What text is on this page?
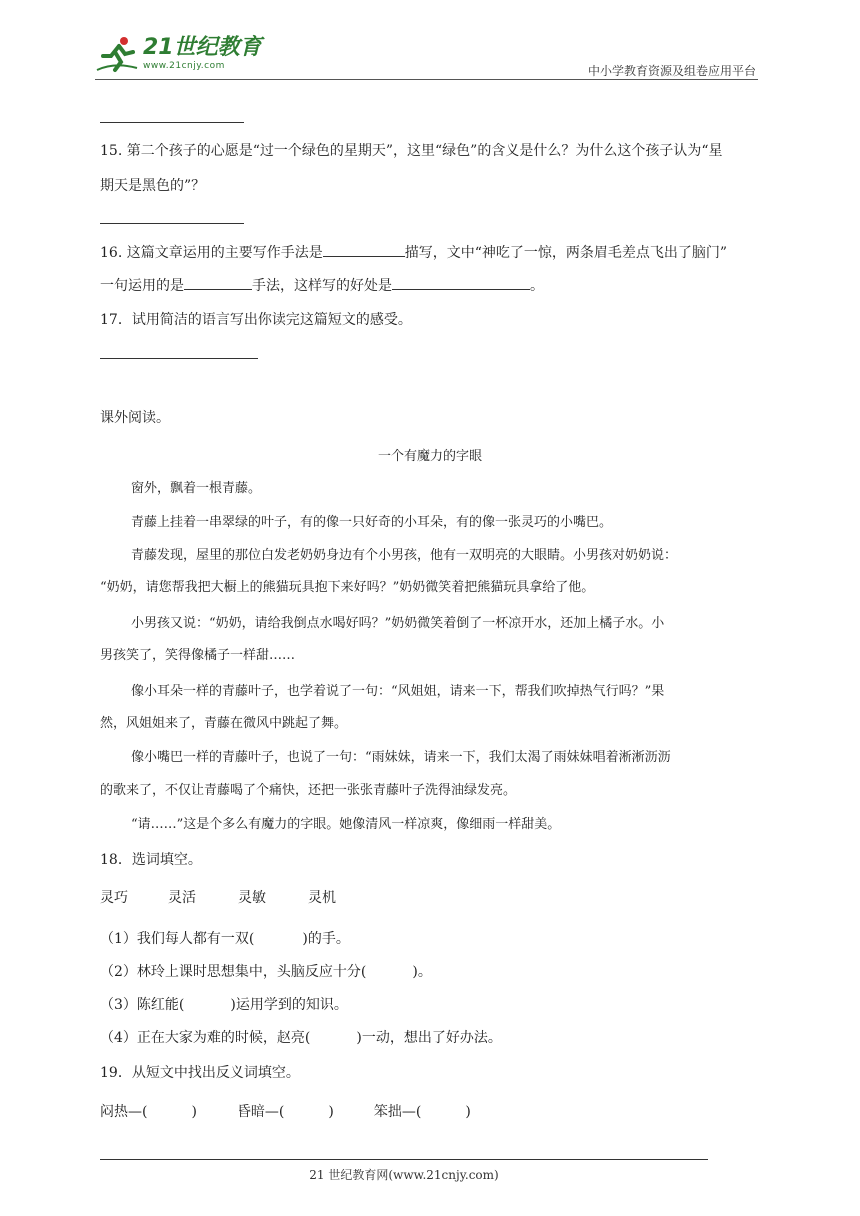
21世纪教育
www.21cnjy.com	中小学教育资源及组卷应用平台
15. 第二个孩子的心愿是“过一个绿色的星期天”，这里“绿色”的含义是什么？为什么这个孩子认为“星
期天是黑色的”？
16. 这篇文章运用的主要写作手法是	描写，文中“神吃了一惊，两条眉毛差点飞出了脑门”
一句运用的是	手法，这样写的好处是	。
17．试用简洁的语言写出你读完这篇短文的感受。
课外阅读。
一个有魔力的字眼
窗外，飘着一根青藤。
青藤上挂着一串翠绿的叶子，有的像一只好奇的小耳朵，有的像一张灵巧的小嘴巴。
青藤发现，屋里的那位白发老奶奶身边有个小男孩，他有一双明亮的大眼睛。小男孩对奶奶说：
“奶奶，请您帮我把大橱上的熊猫玩具抱下来好吗？”奶奶微笑着把熊猫玩具拿给了他。
小男孩又说：“奶奶，请给我倒点水喝好吗？”奶奶微笑着倒了一杯凉开水，还加上橘子水。小
男孩笑了，笑得像橘子一样甜……
像小耳朵一样的青藤叶子，也学着说了一句：“风姐姐，请来一下，帮我们吹掉热气行吗？”果
然，风姐姐来了，青藤在微风中跳起了舞。
像小嘴巴一样的青藤叶子，也说了一句：“雨妹妹，请来一下，我们太渴了雨妹妹唱着淅淅沥沥
的歌来了，不仅让青藤喝了个痛快，还把一张张青藤叶子洗得油绿发亮。
“请……”这是个多么有魔力的字眼。她像清风一样凉爽，像细雨一样甜美。
18．选词填空。
灵巧	灵活	灵敏	灵机
（1）我们每人都有一双(	)的手。
（2）林玲上课时思想集中，头脑反应十分(	)。
（3）陈红能(	)运用学到的知识。
（4）正在大家为难的时候，赵亮(	)一动，想出了好办法。
19．从短文中找出反义词填空。
闷热—(	)	昏暗—(	)	笨拙—(	)
21 世纪教育网(www.21cnjy.com)
